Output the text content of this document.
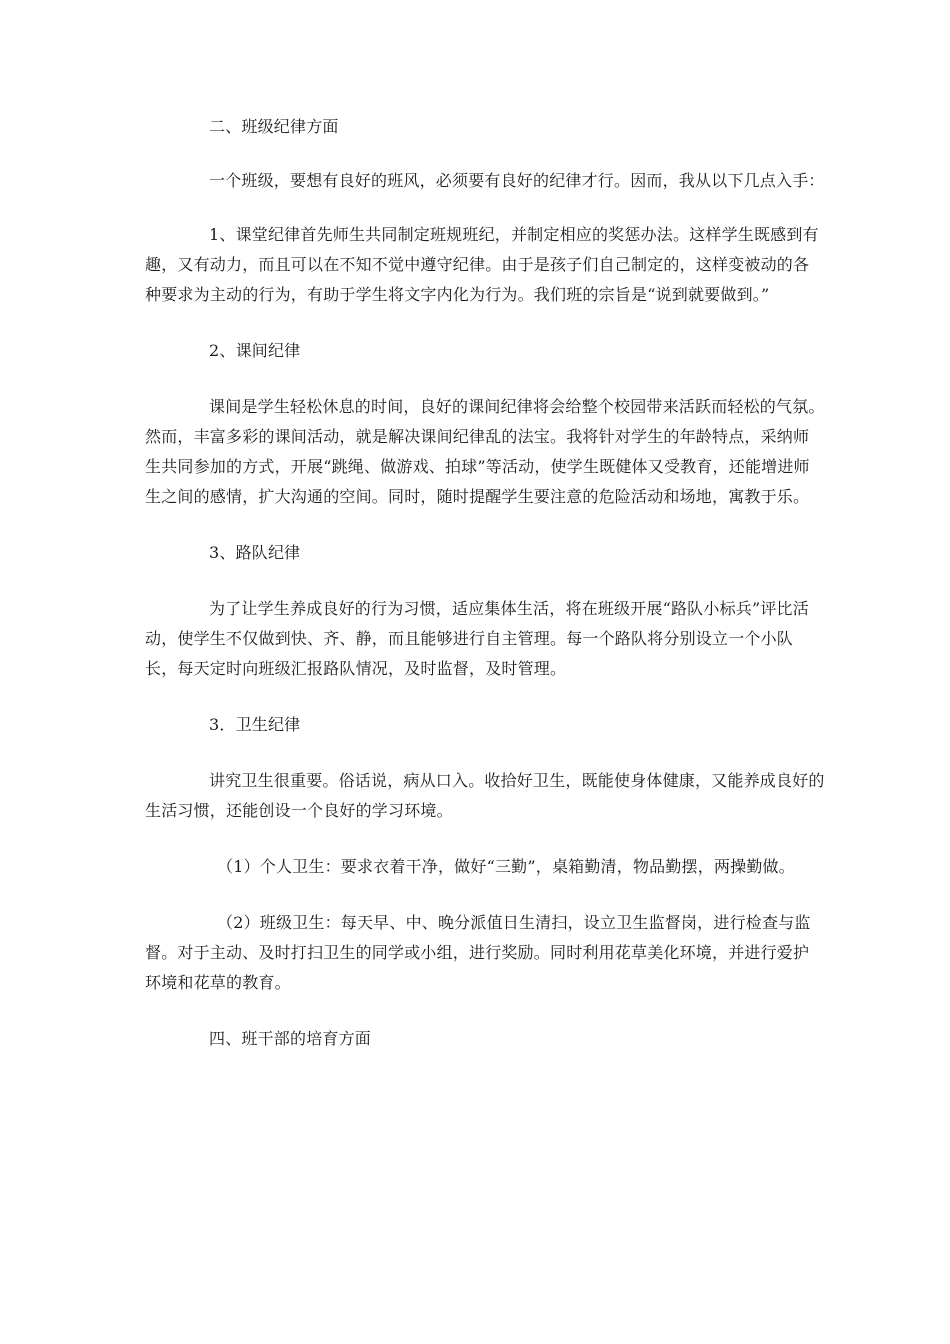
二、班级纪律方面

一个班级，要想有良好的班风，必须要有良好的纪律才行。因而，我从以下几点入手：

1、课堂纪律首先师生共同制定班规班纪，并制定相应的奖惩办法。这样学生既感到有趣，又有动力，而且可以在不知不觉中遵守纪律。由于是孩子们自己制定的，这样变被动的各种要求为主动的行为，有助于学生将文字内化为行为。我们班的宗旨是“说到就要做到。”

2、课间纪律

课间是学生轻松休息的时间，良好的课间纪律将会给整个校园带来活跃而轻松的气氛。然而，丰富多彩的课间活动，就是解决课间纪律乱的法宝。我将针对学生的年龄特点，采纳师生共同参加的方式，开展“跳绳、做游戏、拍球”等活动，使学生既健体又受教育，还能增进师生之间的感情，扩大沟通的空间。同时，随时提醒学生要注意的危险活动和场地，寓教于乐。

3、路队纪律

为了让学生养成良好的行为习惯，适应集体生活，将在班级开展“路队小标兵”评比活动，使学生不仅做到快、齐、静，而且能够进行自主管理。每一个路队将分别设立一个小队长，每天定时向班级汇报路队情况，及时监督，及时管理。

3．卫生纪律

讲究卫生很重要。俗话说，病从口入。收拾好卫生，既能使身体健康，又能养成良好的生活习惯，还能创设一个良好的学习环境。

（1）个人卫生：要求衣着干净，做好“三勤”，桌箱勤清，物品勤摆，两操勤做。

（2）班级卫生：每天早、中、晚分派值日生清扫，设立卫生监督岗，进行检查与监督。对于主动、及时打扫卫生的同学或小组，进行奖励。同时利用花草美化环境，并进行爱护环境和花草的教育。

四、班干部的培育方面
